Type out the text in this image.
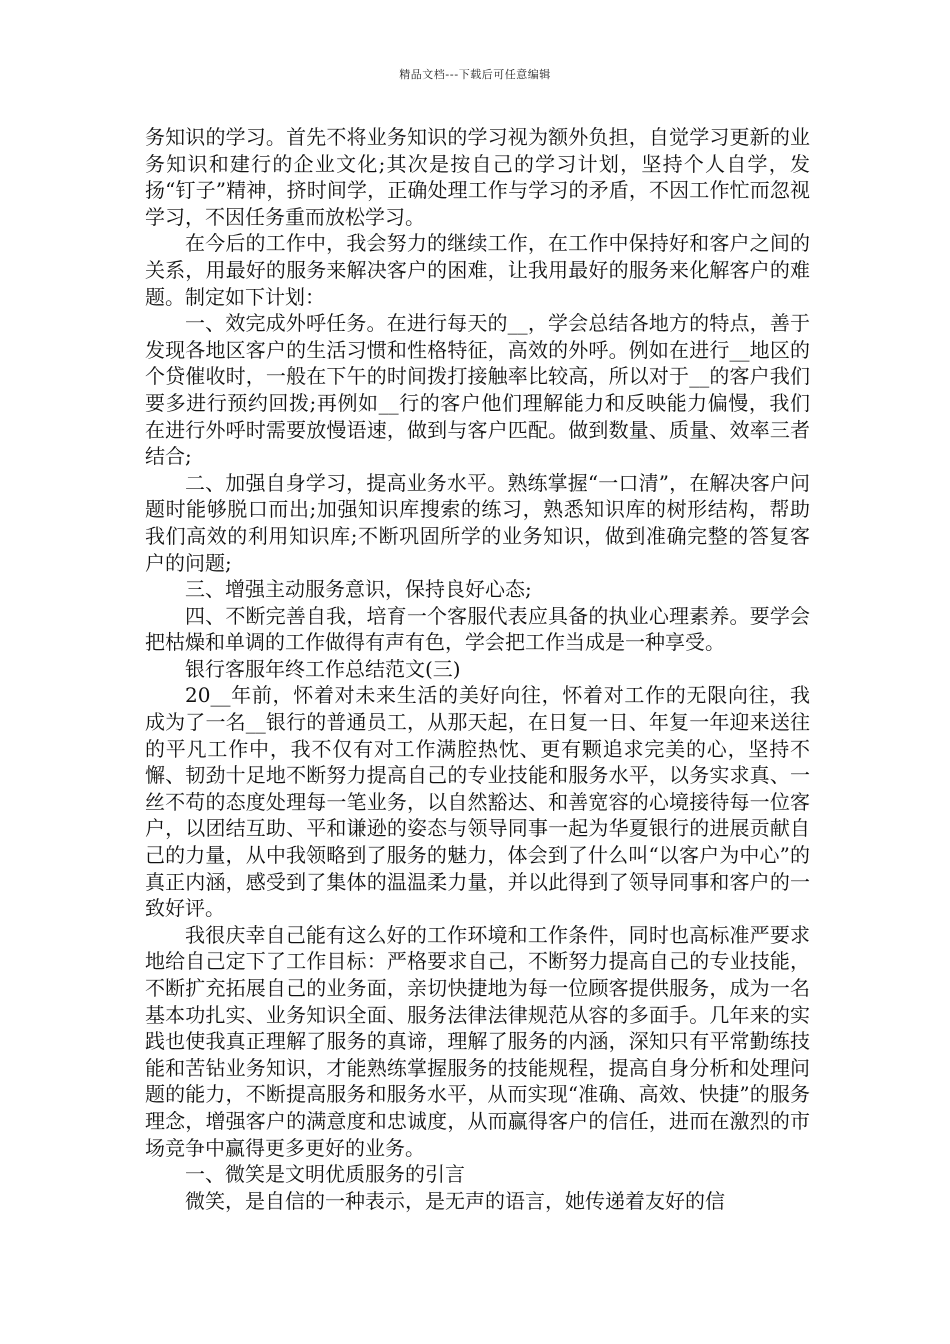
精品文档---下载后可任意编辑

务知识的学习。首先不将业务知识的学习视为额外负担，自觉学习更新的业务知识和建行的企业文化;其次是按自己的学习计划，坚持个人自学，发扬“钉子”精神，挤时间学，正确处理工作与学习的矛盾，不因工作忙而忽视学习，不因任务重而放松学习。

在今后的工作中，我会努力的继续工作，在工作中保持好和客户之间的关系，用最好的服务来解决客户的困难，让我用最好的服务来化解客户的难题。制定如下计划：

一、效完成外呼任务。在进行每天的__，学会总结各地方的特点，善于发现各地区客户的生活习惯和性格特征，高效的外呼。例如在进行__地区的个贷催收时，一般在下午的时间拨打接触率比较高，所以对于__的客户我们要多进行预约回拨;再例如__行的客户他们理解能力和反映能力偏慢，我们在进行外呼时需要放慢语速，做到与客户匹配。做到数量、质量、效率三者结合;

二、加强自身学习，提高业务水平。熟练掌握“一口清”，在解决客户问题时能够脱口而出;加强知识库搜索的练习，熟悉知识库的树形结构，帮助我们高效的利用知识库;不断巩固所学的业务知识，做到准确完整的答复客户的问题;

三、增强主动服务意识，保持良好心态;

四、不断完善自我，培育一个客服代表应具备的执业心理素养。要学会把枯燥和单调的工作做得有声有色，学会把工作当成是一种享受。

银行客服年终工作总结范文(三)

20__年前，怀着对未来生活的美好向往，怀着对工作的无限向往，我成为了一名__银行的普通员工，从那天起，在日复一日、年复一年迎来送往的平凡工作中，我不仅有对工作满腔热忱、更有颗追求完美的心，坚持不懈、韧劲十足地不断努力提高自己的专业技能和服务水平，以务实求真、一丝不苟的态度处理每一笔业务，以自然豁达、和善宽容的心境接待每一位客户，以团结互助、平和谦逊的姿态与领导同事一起为华夏银行的进展贡献自己的力量，从中我领略到了服务的魅力，体会到了什么叫“以客户为中心”的真正内涵，感受到了集体的温温柔力量，并以此得到了领导同事和客户的一致好评。

我很庆幸自己能有这么好的工作环境和工作条件，同时也高标准严要求地给自己定下了工作目标：严格要求自己，不断努力提高自己的专业技能，不断扩充拓展自己的业务面，亲切快捷地为每一位顾客提供服务，成为一名基本功扎实、业务知识全面、服务法律法律规范从容的多面手。几年来的实践也使我真正理解了服务的真谛，理解了服务的内涵，深知只有平常勤练技能和苦钻业务知识，才能熟练掌握服务的技能规程，提高自身分析和处理问题的能力，不断提高服务和服务水平，从而实现“准确、高效、快捷”的服务理念，增强客户的满意度和忠诚度，从而赢得客户的信任，进而在激烈的市场竞争中赢得更多更好的业务。

一、微笑是文明优质服务的引言

微笑，是自信的一种表示，是无声的语言，她传递着友好的信
